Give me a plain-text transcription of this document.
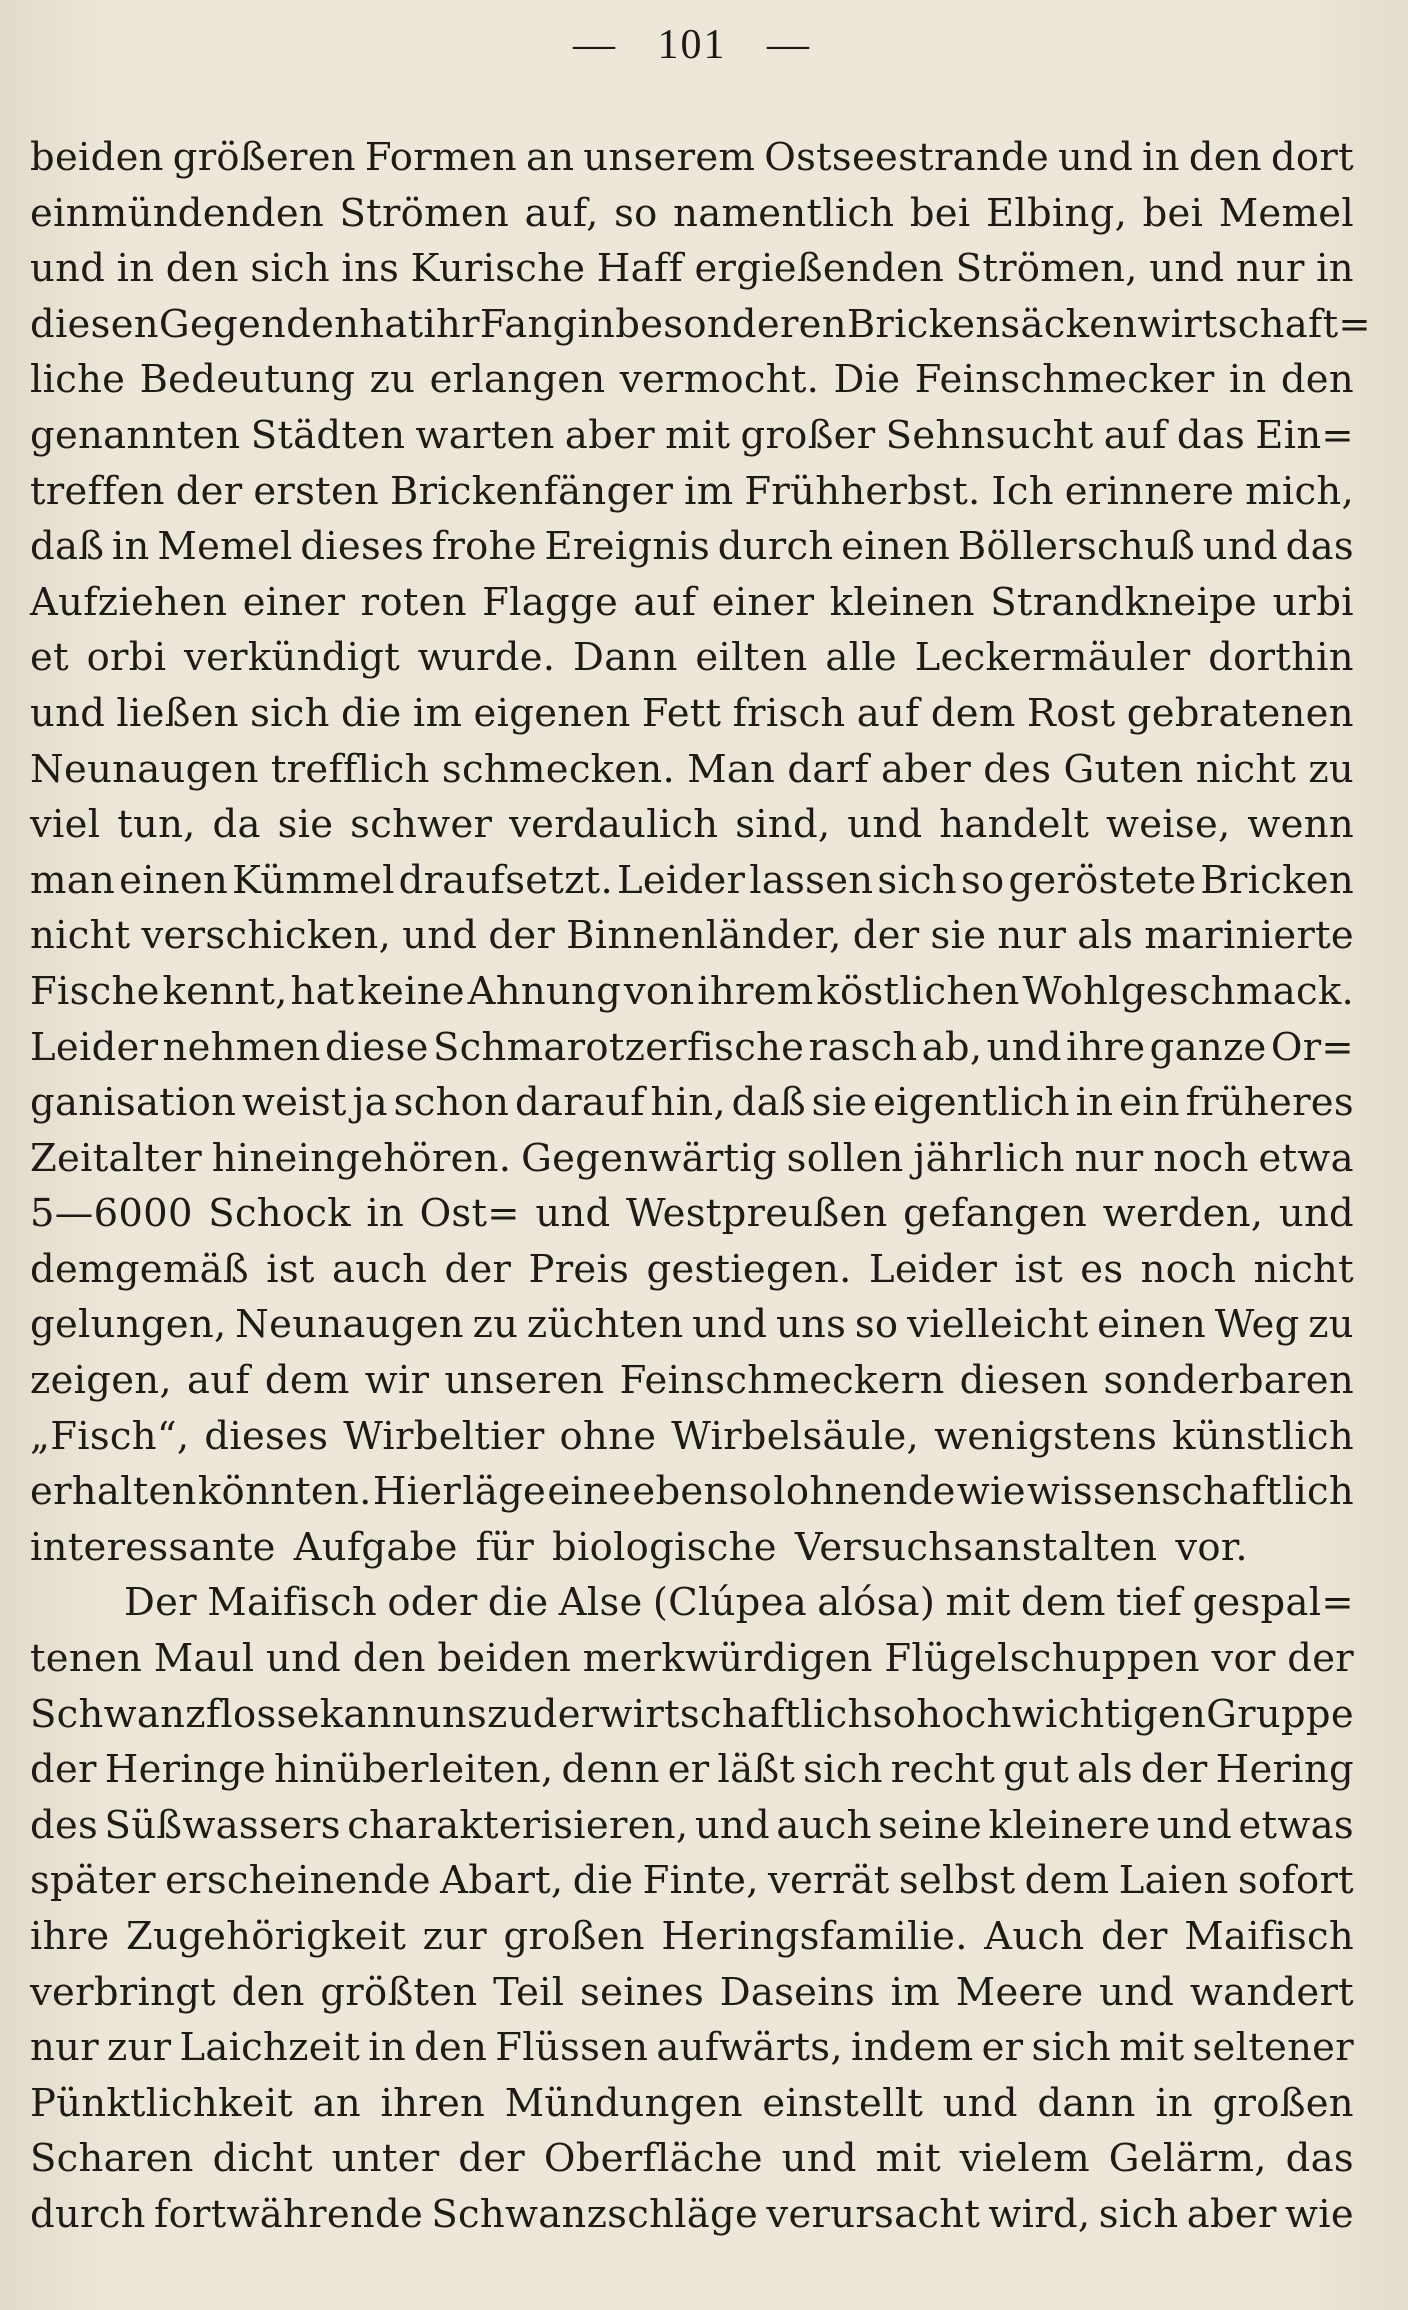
— 101 —
beiden größeren Formen an unserem Ostseestrande und in den dort
einmündenden Strömen auf, so namentlich bei Elbing, bei Memel
und in den sich ins Kurische Haff ergießenden Strömen, und nur in
diesen Gegenden hat ihr Fang in besonderen Brickensäcken wirtschaft=
liche Bedeutung zu erlangen vermocht. Die Feinschmecker in den
genannten Städten warten aber mit großer Sehnsucht auf das Ein=
treffen der ersten Brickenfänger im Frühherbst. Ich erinnere mich,
daß in Memel dieses frohe Ereignis durch einen Böllerschuß und das
Aufziehen einer roten Flagge auf einer kleinen Strandkneipe urbi
et orbi verkündigt wurde. Dann eilten alle Leckermäuler dorthin
und ließen sich die im eigenen Fett frisch auf dem Rost gebratenen
Neunaugen trefflich schmecken. Man darf aber des Guten nicht zu
viel tun, da sie schwer verdaulich sind, und handelt weise, wenn
man einen Kümmel draufsetzt. Leider lassen sich so geröstete Bricken
nicht verschicken, und der Binnenländer, der sie nur als marinierte
Fische kennt, hat keine Ahnung von ihrem köstlichen Wohlgeschmack.
Leider nehmen diese Schmarotzerfische rasch ab, und ihre ganze Or=
ganisation weist ja schon darauf hin, daß sie eigentlich in ein früheres
Zeitalter hineingehören. Gegenwärtig sollen jährlich nur noch etwa
5—6000 Schock in Ost= und Westpreußen gefangen werden, und
demgemäß ist auch der Preis gestiegen. Leider ist es noch nicht
gelungen, Neunaugen zu züchten und uns so vielleicht einen Weg zu
zeigen, auf dem wir unseren Feinschmeckern diesen sonderbaren
„Fisch“, dieses Wirbeltier ohne Wirbelsäule, wenigstens künstlich
erhalten könnten. Hier läge eine ebenso lohnende wie wissenschaftlich
interessante Aufgabe für biologische Versuchsanstalten vor.
Der Maifisch oder die Alse (Clúpea alósa) mit dem tief gespal=
tenen Maul und den beiden merkwürdigen Flügelschuppen vor der
Schwanzflosse kann uns zu der wirtschaftlich so hochwichtigen Gruppe
der Heringe hinüberleiten, denn er läßt sich recht gut als der Hering
des Süßwassers charakterisieren, und auch seine kleinere und etwas
später erscheinende Abart, die Finte, verrät selbst dem Laien sofort
ihre Zugehörigkeit zur großen Heringsfamilie. Auch der Maifisch
verbringt den größten Teil seines Daseins im Meere und wandert
nur zur Laichzeit in den Flüssen aufwärts, indem er sich mit seltener
Pünktlichkeit an ihren Mündungen einstellt und dann in großen
Scharen dicht unter der Oberfläche und mit vielem Gelärm, das
durch fortwährende Schwanzschläge verursacht wird, sich aber wie
